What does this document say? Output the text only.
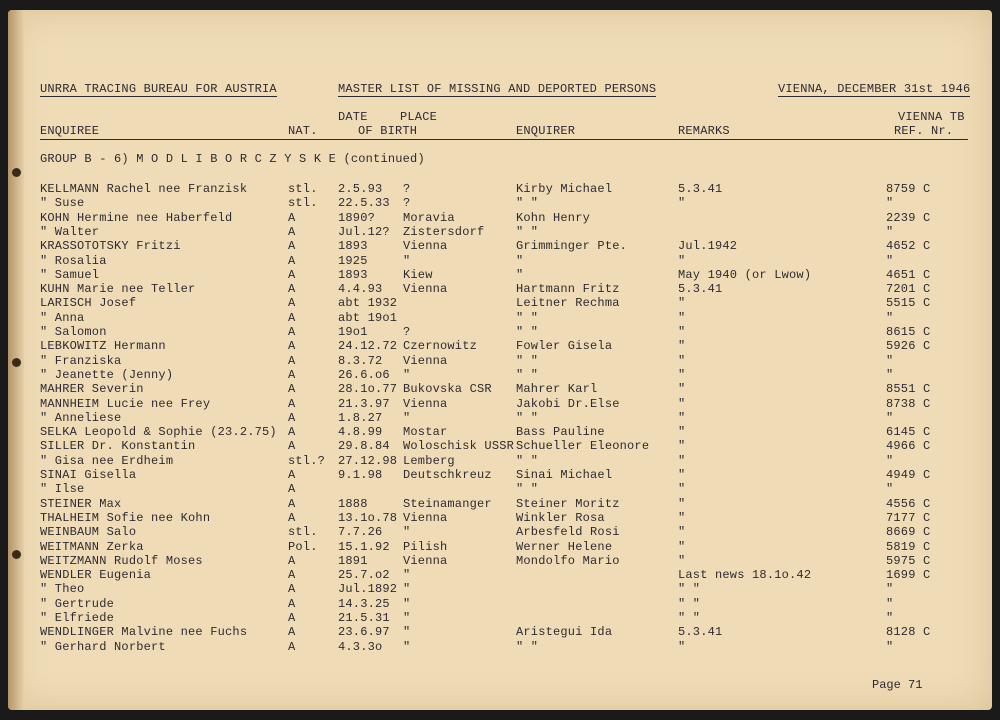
UNRRA TRACING BUREAU FOR AUSTRIA	MASTER LIST OF MISSING AND DEPORTED PERSONS	VIENNA, DECEMBER 31st 1946
DATE	PLACE	VIENNA TB
ENQUIREE	NAT.	OF BIRTH	ENQUIRER	REMARKS	REF. Nr.
GROUP B - 6) M O D L I B O R C Z Y S K E (continued)
KELLMANN Rachel nee Franzisk	stl. 2.5.93 ?	Kirby Michael	5.3.41	8759 C
" Suse	stl. 22.5.33 ?	" "	"	"
KOHN Hermine nee Haberfeld	A	1890? Moravia	Kohn Henry	2239 C
" Walter	A	Jul.12? Zistersdorf	" "	"
KRASSOTOTSKY Fritzi	A	1893	Vienna	Grimminger Pte.	Jul.1942	4652 C
" Rosalia	A	1925	"	"	"	"
" Samuel	A	1893	Kiew	"	May 1940 (or Lwow)	4651 C
KUHN Marie nee Teller	A	4.4.93 Vienna	Hartmann Fritz	5.3.41	7201 C
LARISCH Josef	A	abt 1932	Leitner Rechma	"	5515 C
" Anna	A	abt 19o1	" "	"	"
" Salomon	A	19o1	?	" "	"	8615 C
LEBKOWITZ Hermann	A	24.12.72 Czernowitz	Fowler Gisela	"	5926 C
" Franziska	A	8.3.72 Vienna	" "	"	"
" Jeanette (Jenny)	A	26.6.o6 "	" "	"	"
MAHRER Severin	A	28.1o.77 Bukovska CSR Mahrer Karl	"	8551 C
MANNHEIM Lucie nee Frey	A	21.3.97 Vienna	Jakobi Dr.Else	"	8738 C
" Anneliese	A	1.8.27 "	" "	"	"
SELKA Leopold & Sophie (23.2.75) A	4.8.99 Mostar	Bass Pauline	"	6145 C
SILLER Dr. Konstantin	A	29.8.84 Woloschisk USSR Schueller Eleonore "	4966 C
" Gisa nee Erdheim	stl.? 27.12.98 Lemberg	" "	"	"
SINAI Gisella	A	9.1.98 Deutschkreuz Sinai Michael	"	4949 C
" Ilse	A	" "	"	"
STEINER Max	A	1888	Steinamanger Steiner Moritz	"	4556 C
THALHEIM Sofie nee Kohn	A	13.1o.78 Vienna	Winkler Rosa	"	7177 C
WEINBAUM Salo	stl. 7.7.26 "	Arbesfeld Rosi	"	8669 C
WEITMANN Zerka	Pol. 15.1.92 Pilish	Werner Helene	"	5819 C
WEITZMANN Rudolf Moses	A	1891	Vienna	Mondolfo Mario	"	5975 C
WENDLER Eugenia	A	25.7.o2 "	Last news 18.1o.42	1699 C
" Theo	A	Jul.1892 "	" "	"
" Gertrude	A	14.3.25 "	" "	"
" Elfriede	A	21.5.31 "	" "	"
WENDLINGER Malvine nee Fuchs	A	23.6.97 "	Aristegui Ida	5.3.41	8128 C
" Gerhard Norbert	A	4.3.3o "	" "	"	"
Page 71
